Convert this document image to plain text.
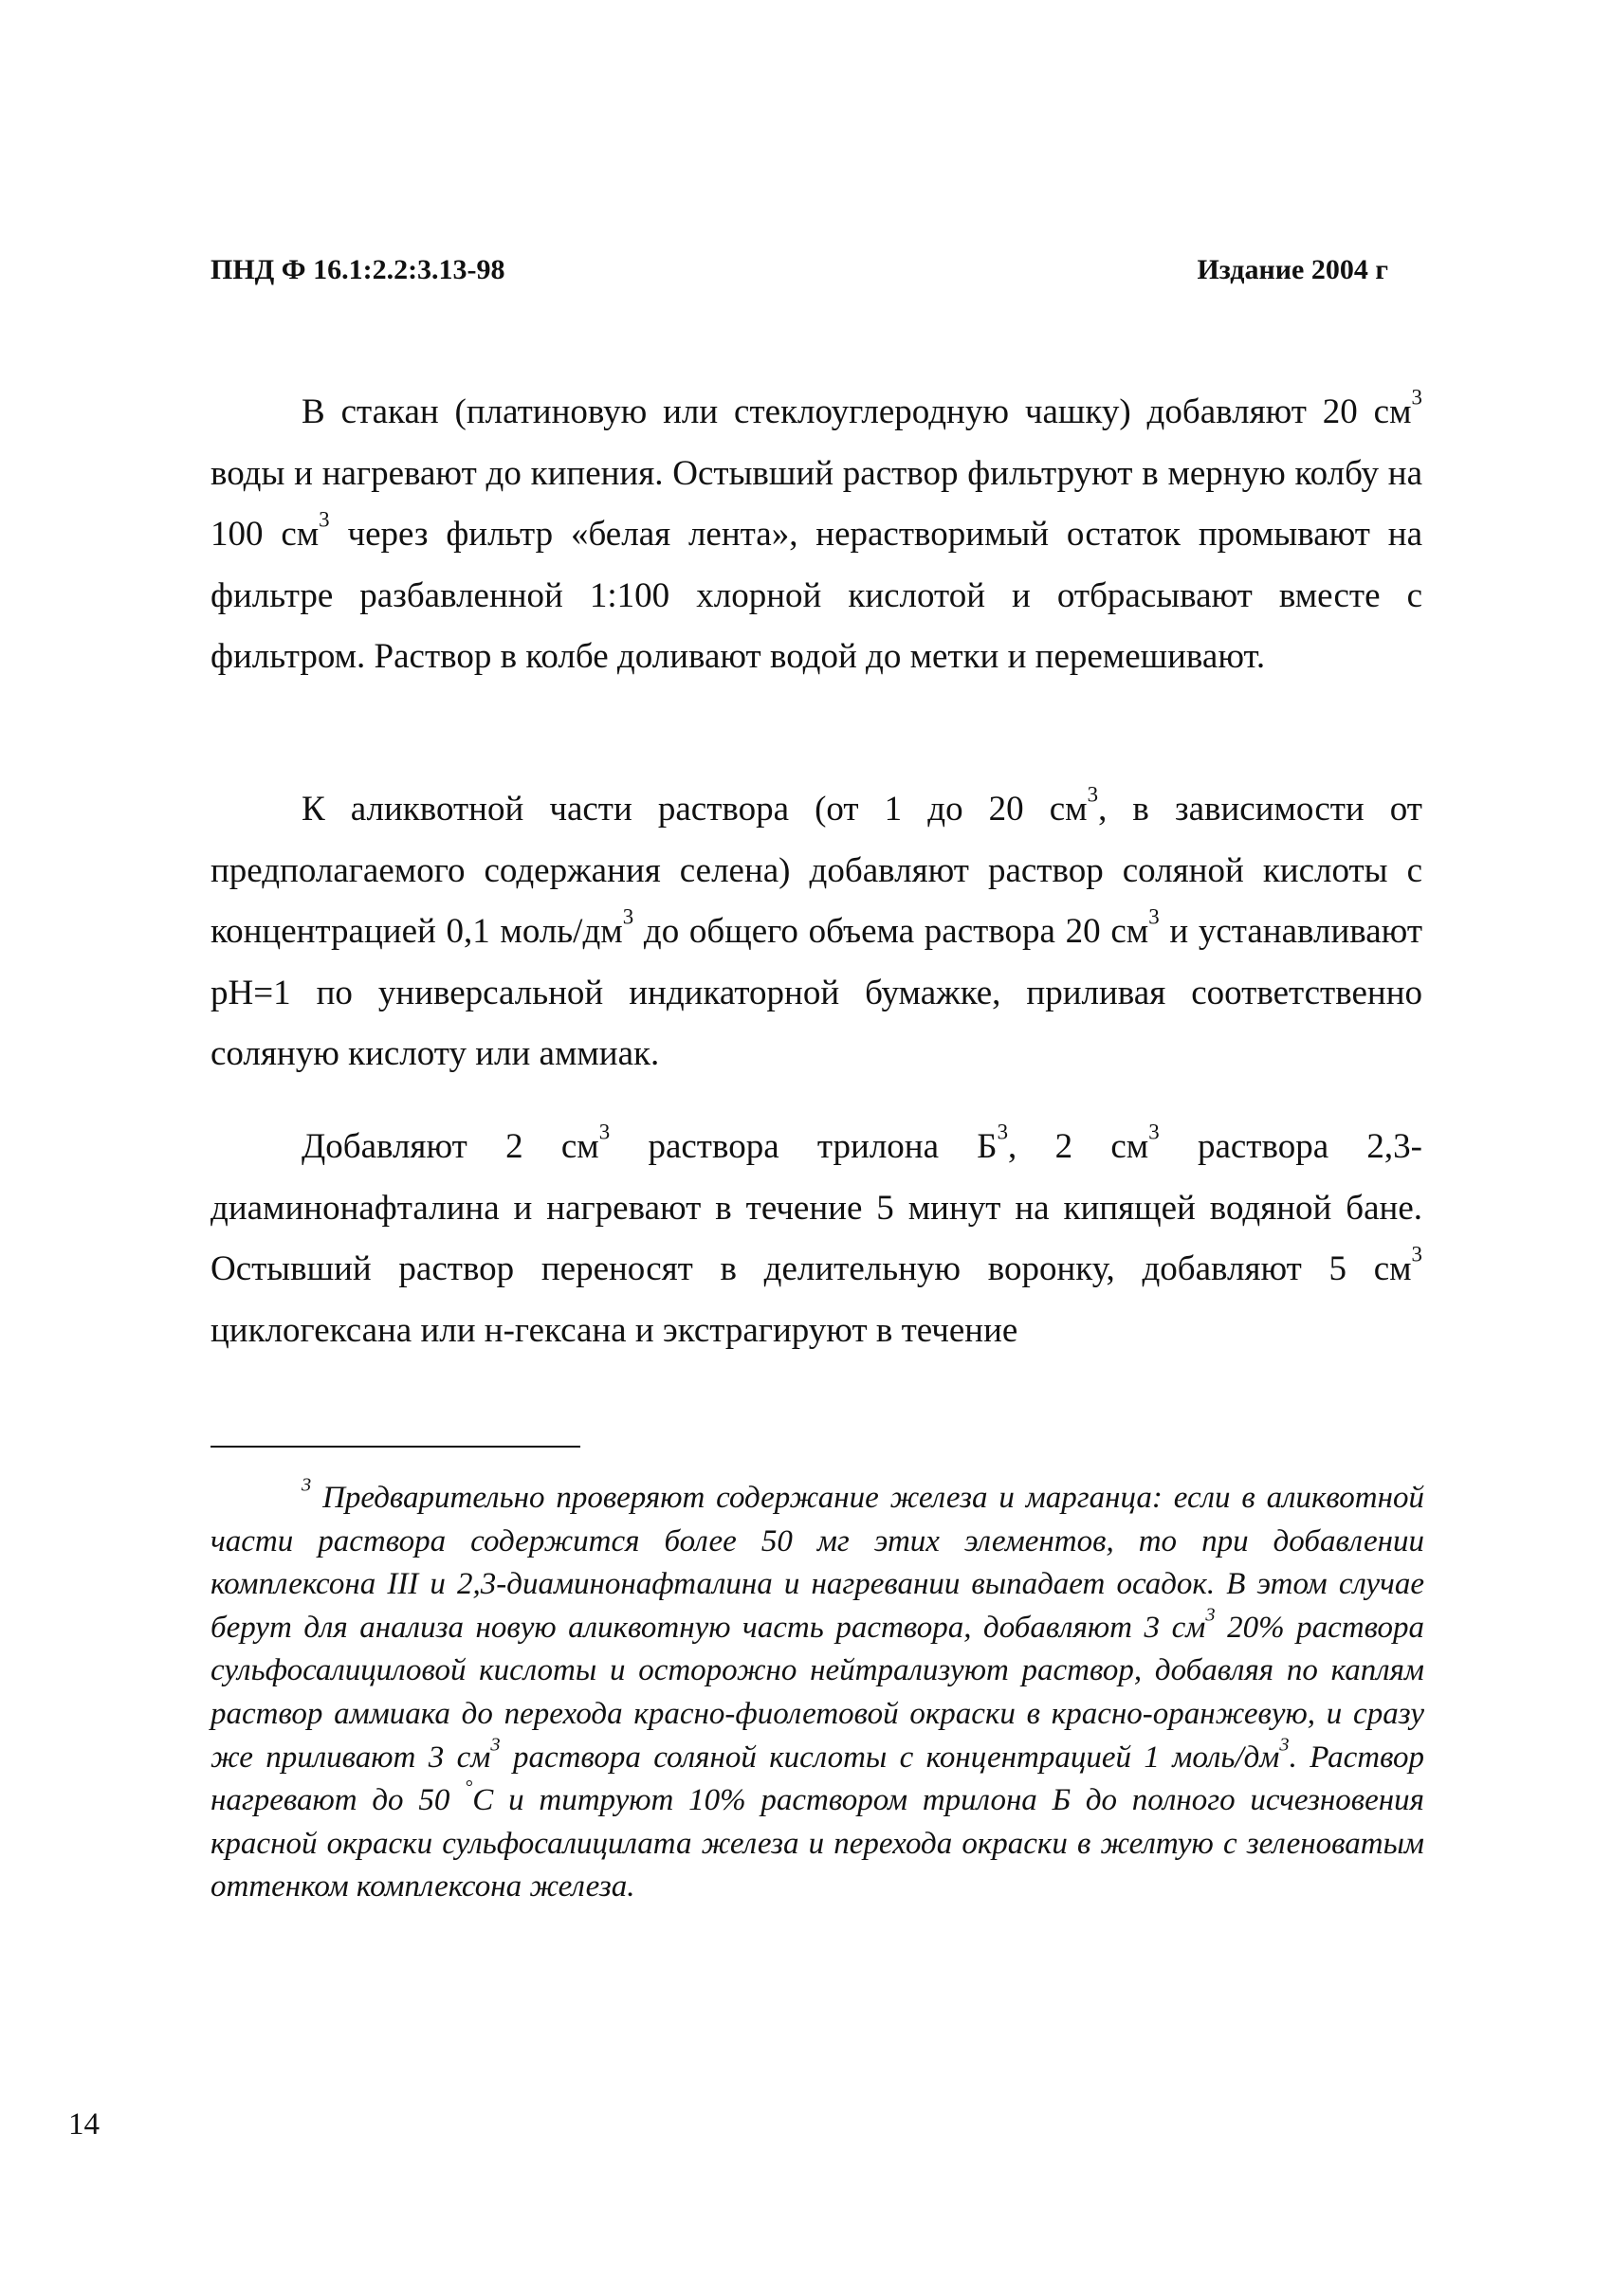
ПНД Ф 16.1:2.2:3.13-98	Издание 2004 г

В стакан (платиновую или стеклоуглеродную чашку) добавляют 20 $см^3$ воды и нагревают до кипения. Остывший раствор фильтруют в мерную колбу на 100 $см^3$ через фильтр «белая лента», нерастворимый остаток промывают на фильтре разбавленной 1:100 хлорной кислотой и отбрасывают вместе с фильтром. Раствор в колбе доливают водой до метки и перемешивают.

К аликвотной части раствора (от 1 до 20 $см^3$, в зависимости от предполагаемого содержания селена) добавляют раствор соляной кислоты с концентрацией 0,1 моль/$дм^3$ до общего объема раствора 20 $см^3$ и устанавливают pH=1 по универсальной индикаторной бумажке, приливая соответственно соляную кислоту или аммиак.

Добавляют 2 $см^3$ раствора трилона $Б^3$, 2 $см^3$ раствора 2,3-диаминонафталина и нагревают в течение 5 минут на кипящей водяной бане. Остывший раствор переносят в делительную воронку, добавляют 5 $см^3$ циклогексана или н-гексана и экстрагируют в течение

$^3$ Предварительно проверяют содержание железа и марганца: если в аликвотной части раствора содержится более 50 мг этих элементов, то при добавлении комплексона III и 2,3-диаминонафталина и нагревании выпадает осадок. В этом случае берут для анализа новую аликвотную часть раствора, добавляют 3 $см^3$ 20% раствора сульфосалициловой кислоты и осторожно нейтрализуют раствор, добавляя по каплям раствор аммиака до перехода красно-фиолетовой окраски в красно-оранжевую, и сразу же приливают 3 $см^3$ раствора соляной кислоты с концентрацией 1 моль/$дм^3$. Раствор нагревают до 50 °С и титруют 10% раствором трилона Б до полного исчезновения красной окраски сульфосалицилата железа и перехода окраски в желтую с зеленоватым оттенком комплексона железа.

14
